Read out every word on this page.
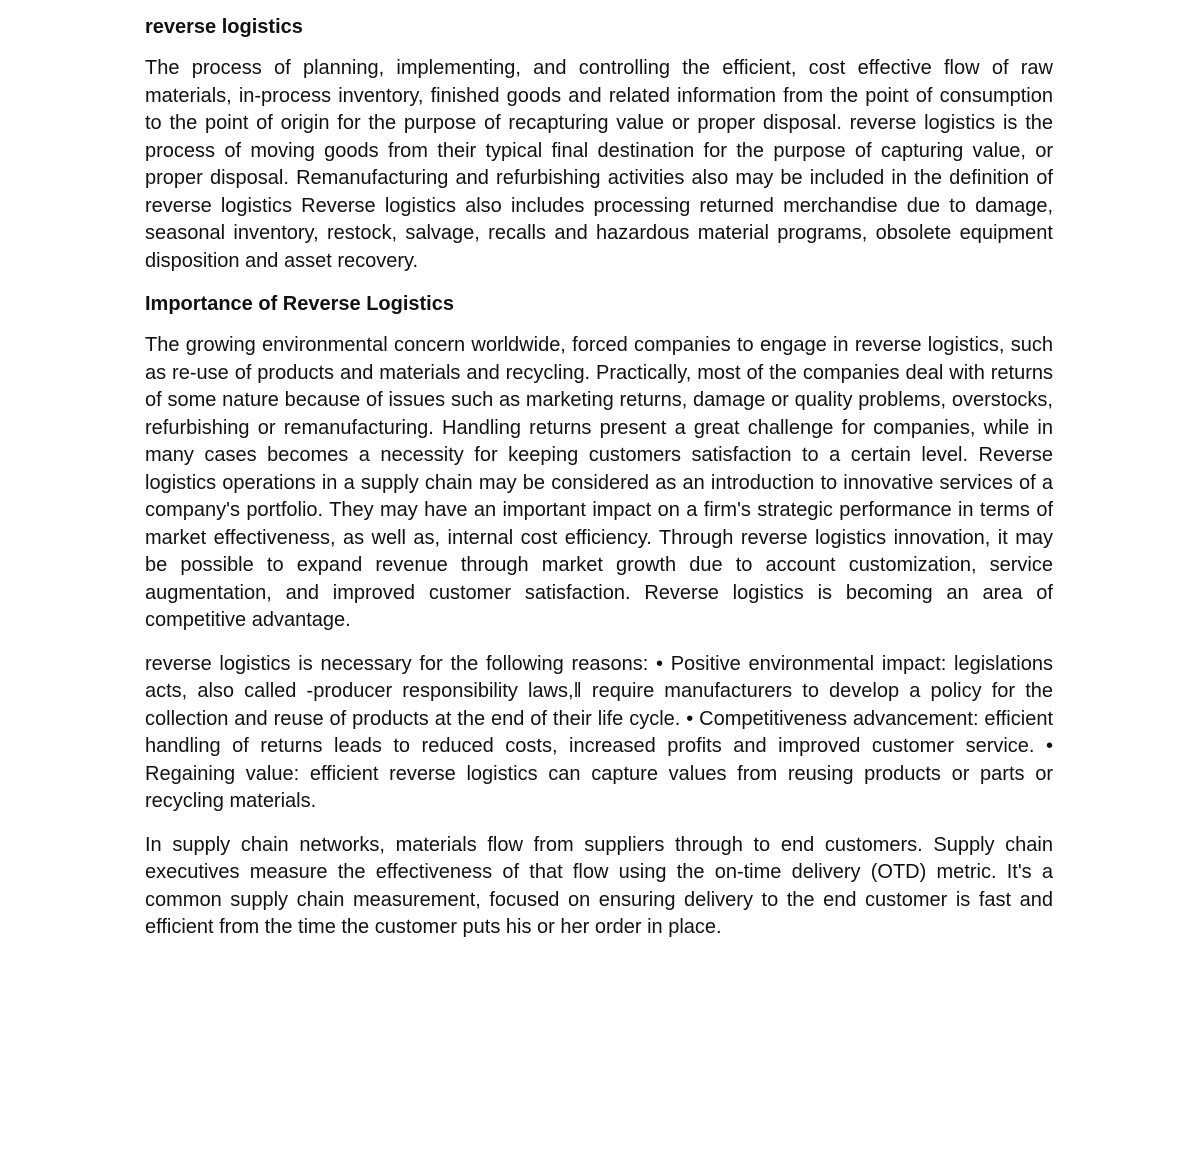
reverse logistics

The process of planning, implementing, and controlling the efficient, cost effective flow of raw materials, in-process inventory, finished goods and related information from the point of consumption to the point of origin for the purpose of recapturing value or proper disposal. reverse logistics is the process of moving goods from their typical final destination for the purpose of capturing value, or proper disposal. Remanufacturing and refurbishing activities also may be included in the definition of reverse logistics Reverse logistics also includes processing returned merchandise due to damage, seasonal inventory, restock, salvage, recalls and hazardous material programs, obsolete equipment disposition and asset recovery.

Importance of Reverse Logistics

The growing environmental concern worldwide, forced companies to engage in reverse logistics, such as re-use of products and materials and recycling. Practically, most of the companies deal with returns of some nature because of issues such as marketing returns, damage or quality problems, overstocks, refurbishing or remanufacturing. Handling returns present a great challenge for companies, while in many cases becomes a necessity for keeping customers satisfaction to a certain level. Reverse logistics operations in a supply chain may be considered as an introduction to innovative services of a company's portfolio. They may have an important impact on a firm's strategic performance in terms of market effectiveness, as well as, internal cost efficiency. Through reverse logistics innovation, it may be possible to expand revenue through market growth due to account customization, service augmentation, and improved customer satisfaction. Reverse logistics is becoming an area of competitive advantage.

reverse logistics is necessary for the following reasons: • Positive environmental impact: legislations acts, also called -producer responsibility laws,‖ require manufacturers to develop a policy for the collection and reuse of products at the end of their life cycle. • Competitiveness advancement: efficient handling of returns leads to reduced costs, increased profits and improved customer service. • Regaining value: efficient reverse logistics can capture values from reusing products or parts or recycling materials.

In supply chain networks, materials flow from suppliers through to end customers. Supply chain executives measure the effectiveness of that flow using the on-time delivery (OTD) metric. It's a common supply chain measurement, focused on ensuring delivery to the end customer is fast and efficient from the time the customer puts his or her order in place.
